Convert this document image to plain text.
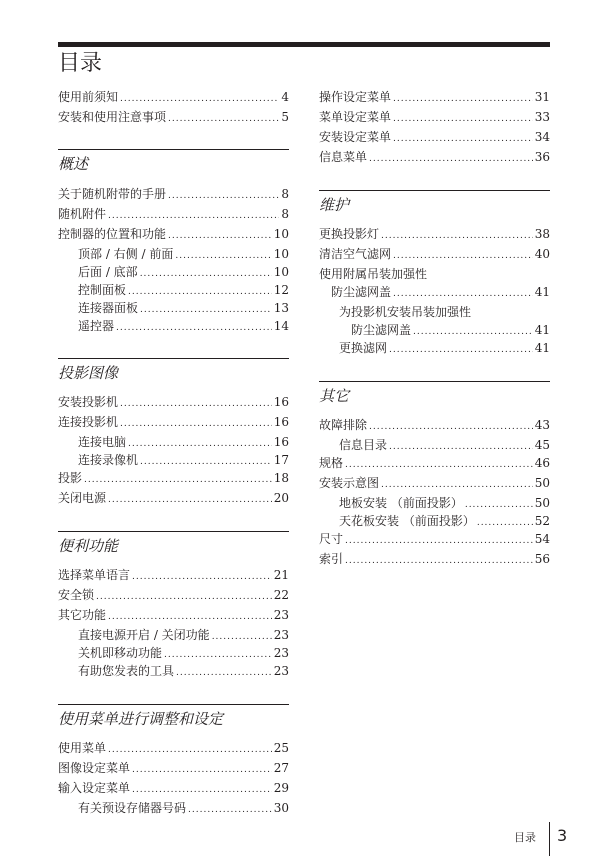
目录
使用前须知 .....	4
安装和使用注意事项 .....	5
概述
关于随机附带的手册 .....	8
随机附件 .....	8
控制器的位置和功能 .....	10
顶部 / 右侧 / 前面 .....	10
后面 / 底部 .....	10
控制面板 .....	12
连接器面板 .....	13
遥控器 .....	14
投影图像
安装投影机 .....	16
连接投影机 .....	16
连接电脑 .....	16
连接录像机 .....	17
投影 .....	18
关闭电源 .....	20
便利功能
选择菜单语言 .....	21
安全锁 .....	22
其它功能 .....	23
直接电源开启 / 关闭功能 .....	23
关机即移动功能 .....	23
有助您发表的工具 .....	23
使用菜单进行调整和设定
使用菜单 .....	25
图像设定菜单 .....	27
输入设定菜单 .....	29
有关预设存储器号码 .....	30
操作设定菜单 .....	31
菜单设定菜单 .....	33
安装设定菜单 .....	34
信息菜单 .....	36
维护
更换投影灯 .....	38
清洁空气滤网 .....	40
使用附属吊装加强性
防尘滤网盖 .....	41
为投影机安装吊装加强性
防尘滤网盖 .....	41
更换滤网 .....	41
其它
故障排除 .....	43
信息目录 .....	45
规格 .....	46
安装示意图 .....	50
地板安装 （前面投影） .....	50
天花板安装 （前面投影） .....	52
尺寸 .....	54
索引 .....	56
目录 3
